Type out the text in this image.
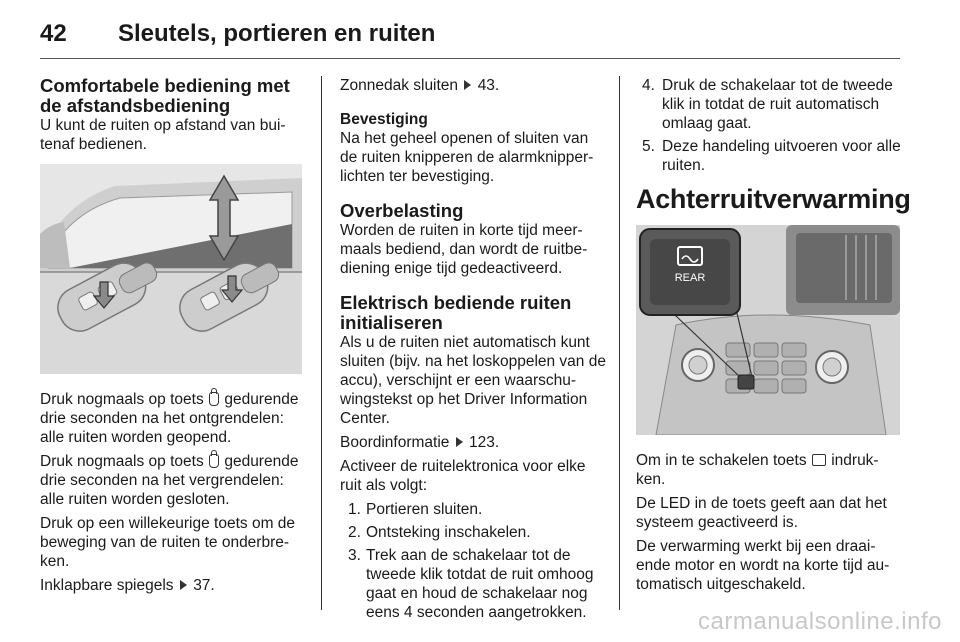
42 Sleutels, portieren en ruiten
Comfortabele bediening met de afstandsbediening

U kunt de ruiten op afstand van bui-tenaf bedienen.

Druk nogmaals op toets gedurende drie seconden na het ontgrendelen: alle ruiten worden geopend.

Druk nogmaals op toets gedurende drie seconden na het vergrendelen: alle ruiten worden gesloten.

Druk op een willekeurige toets om de beweging van de ruiten te onderbre-ken.

Inklapbare spiegels 37.

Zonnedak sluiten 43.

Bevestiging

Na het geheel openen of sluiten van de ruiten knipperen de alarmknipper-lichten ter bevestiging.

Overbelasting

Worden de ruiten in korte tijd meer-maals bediend, dan wordt de ruitbe-diening enige tijd gedeactiveerd.

Elektrisch bediende ruiten initialiseren

Als u de ruiten niet automatisch kunt sluiten (bijv. na het loskoppelen van de accu), verschijnt er een waarschu-wingstekst op het Driver Information Center.

Boordinformatie 123.

Activeer de ruitelektronica voor elke ruit als volgt:

1. Portieren sluiten.
2. Ontsteking inschakelen.
3. Trek aan de schakelaar tot de tweede klik totdat de ruit omhoog gaat en houd de schakelaar nog eens 4 seconden aangetrokken.
4. Druk de schakelaar tot de tweede klik in totdat de ruit automatisch omlaag gaat.
5. Deze handeling uitvoeren voor alle ruiten.
Achterruitverwarming
REAR

Om in te schakelen toets indruk-ken.

De LED in de toets geeft aan dat het systeem geactiveerd is.

De verwarming werkt bij een draai-ende motor en wordt na korte tijd au-tomatisch uitgeschakeld.

carmanualsonline.info
